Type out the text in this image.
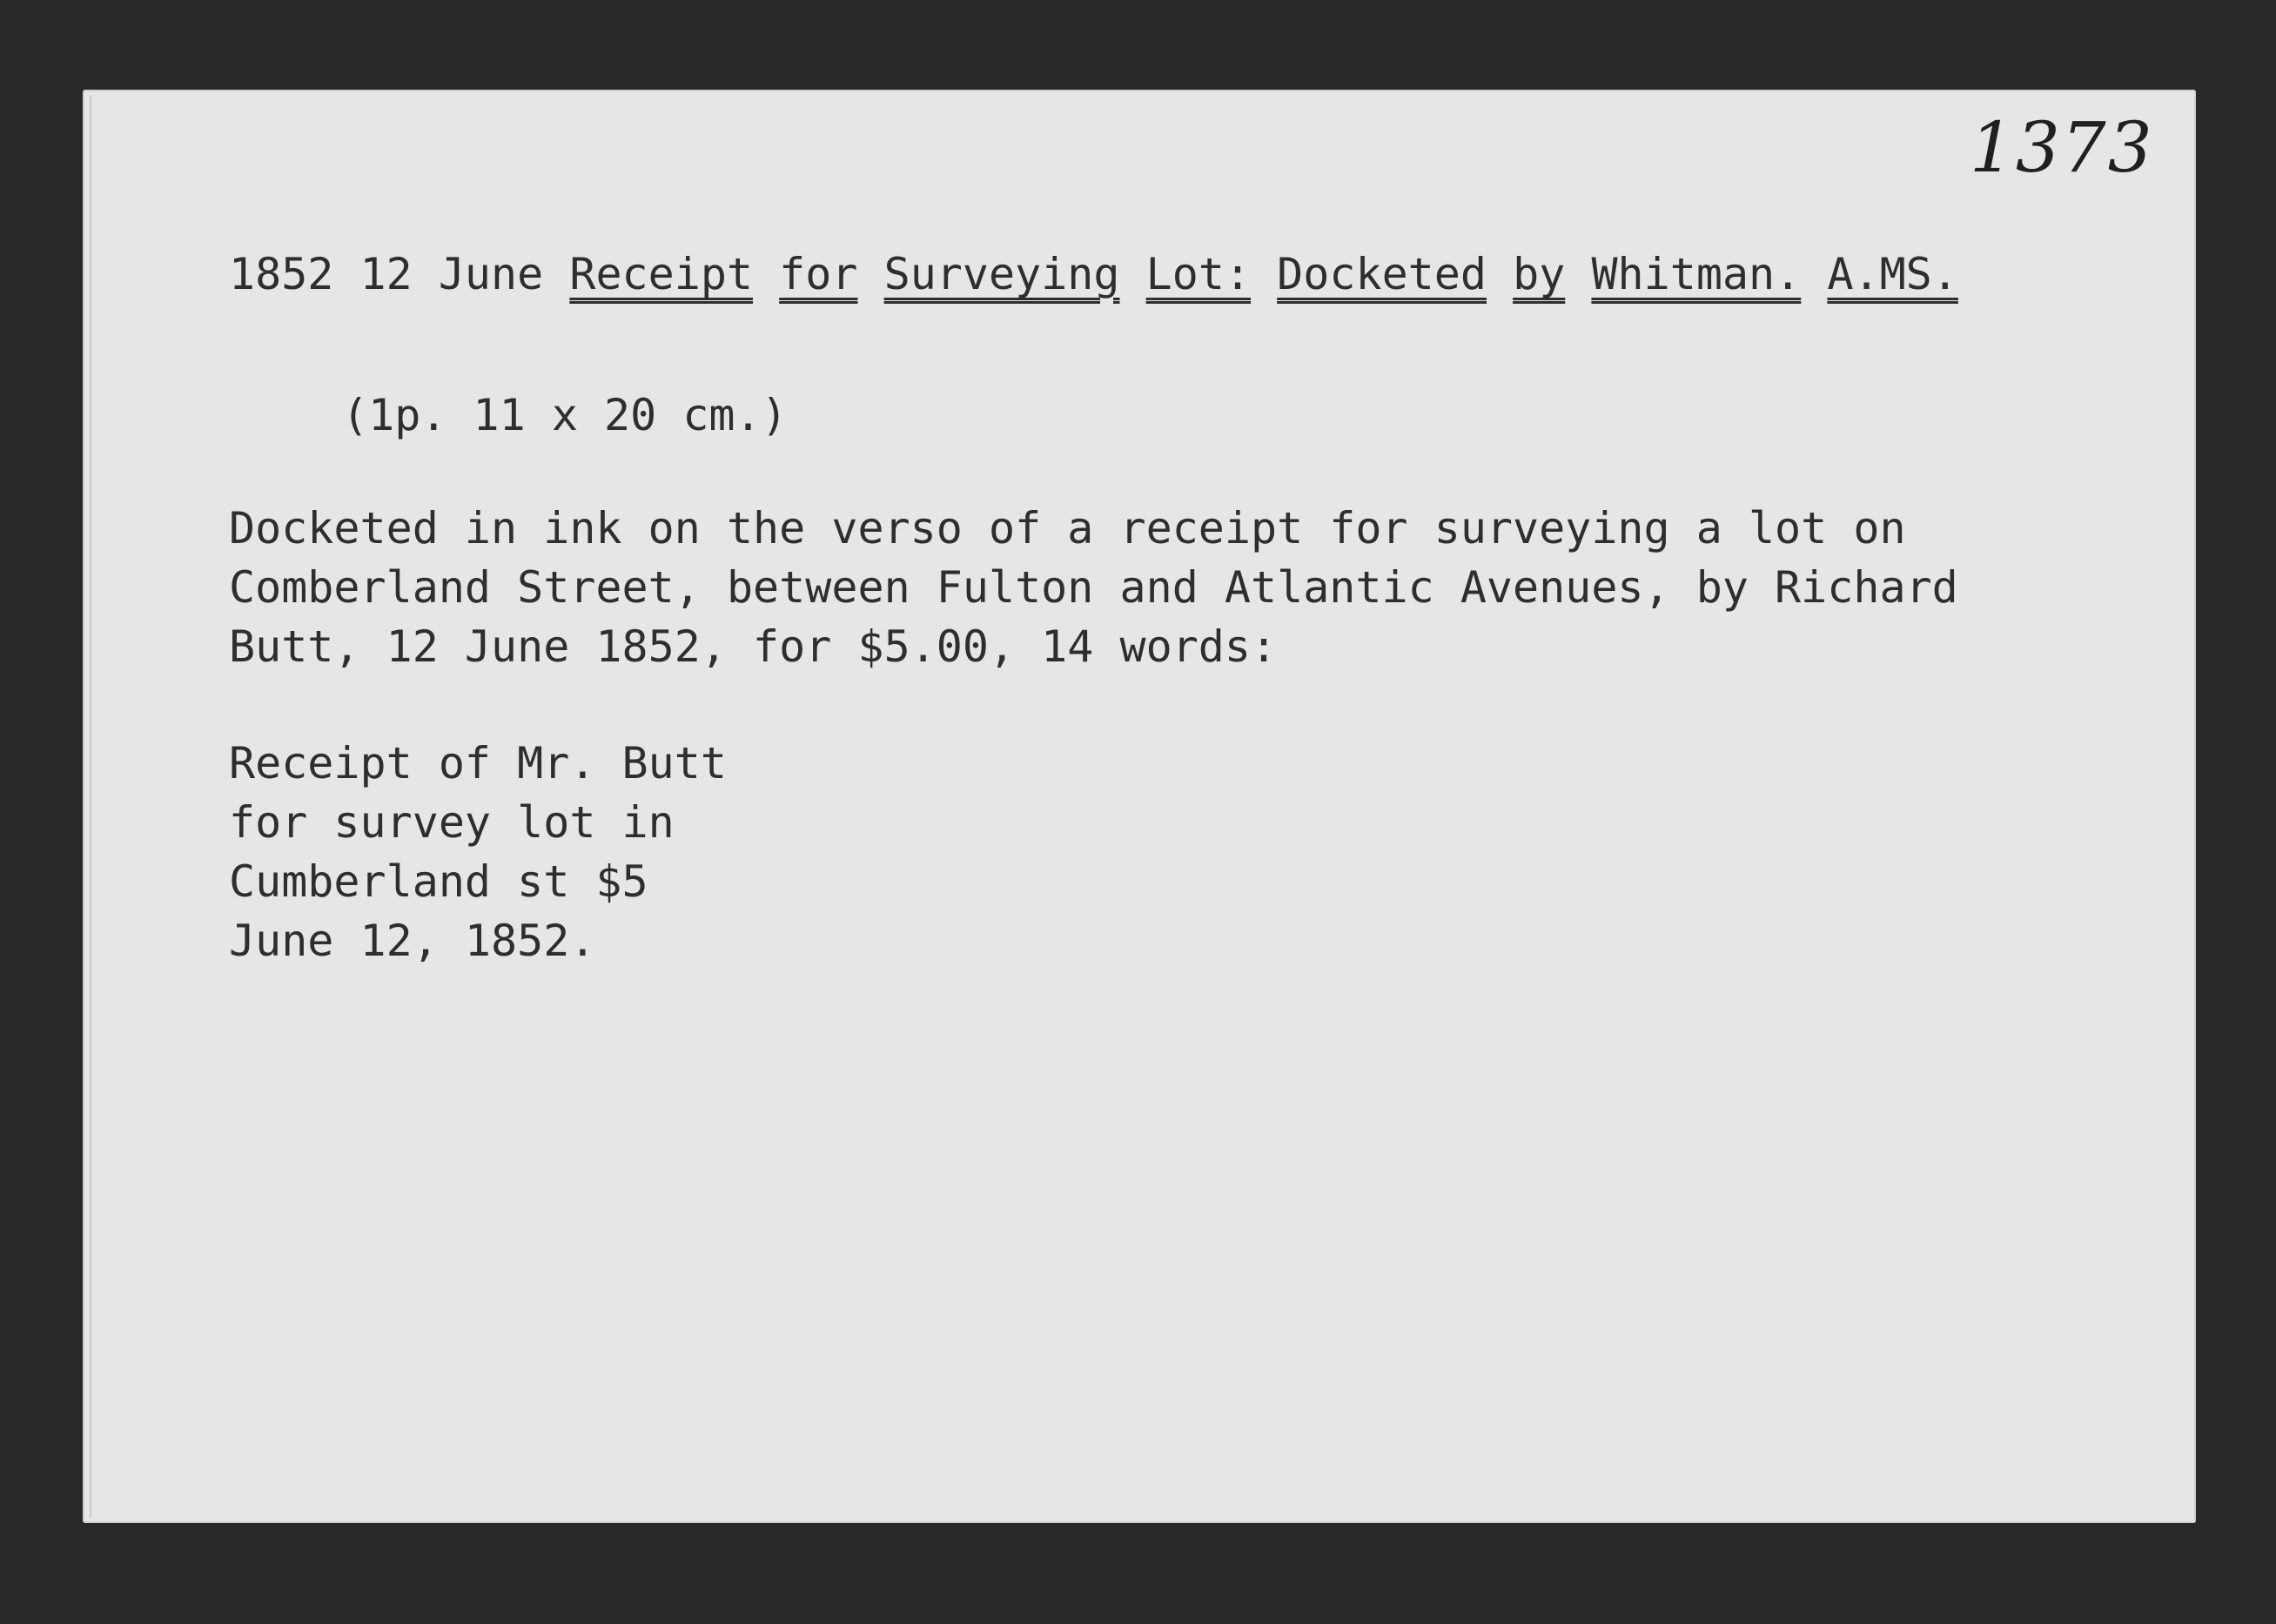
1373
1852 12 June Receipt for Surveying Lot: Docketed by Whitman. A.MS.
(1p. 11 x 20 cm.)
Docketed in ink on the verso of a receipt for surveying a lot on
Comberland Street, between Fulton and Atlantic Avenues, by Richard
Butt, 12 June 1852, for $5.00, 14 words:
Receipt of Mr. Butt
for survey lot in
Cumberland st $5
June 12, 1852.
